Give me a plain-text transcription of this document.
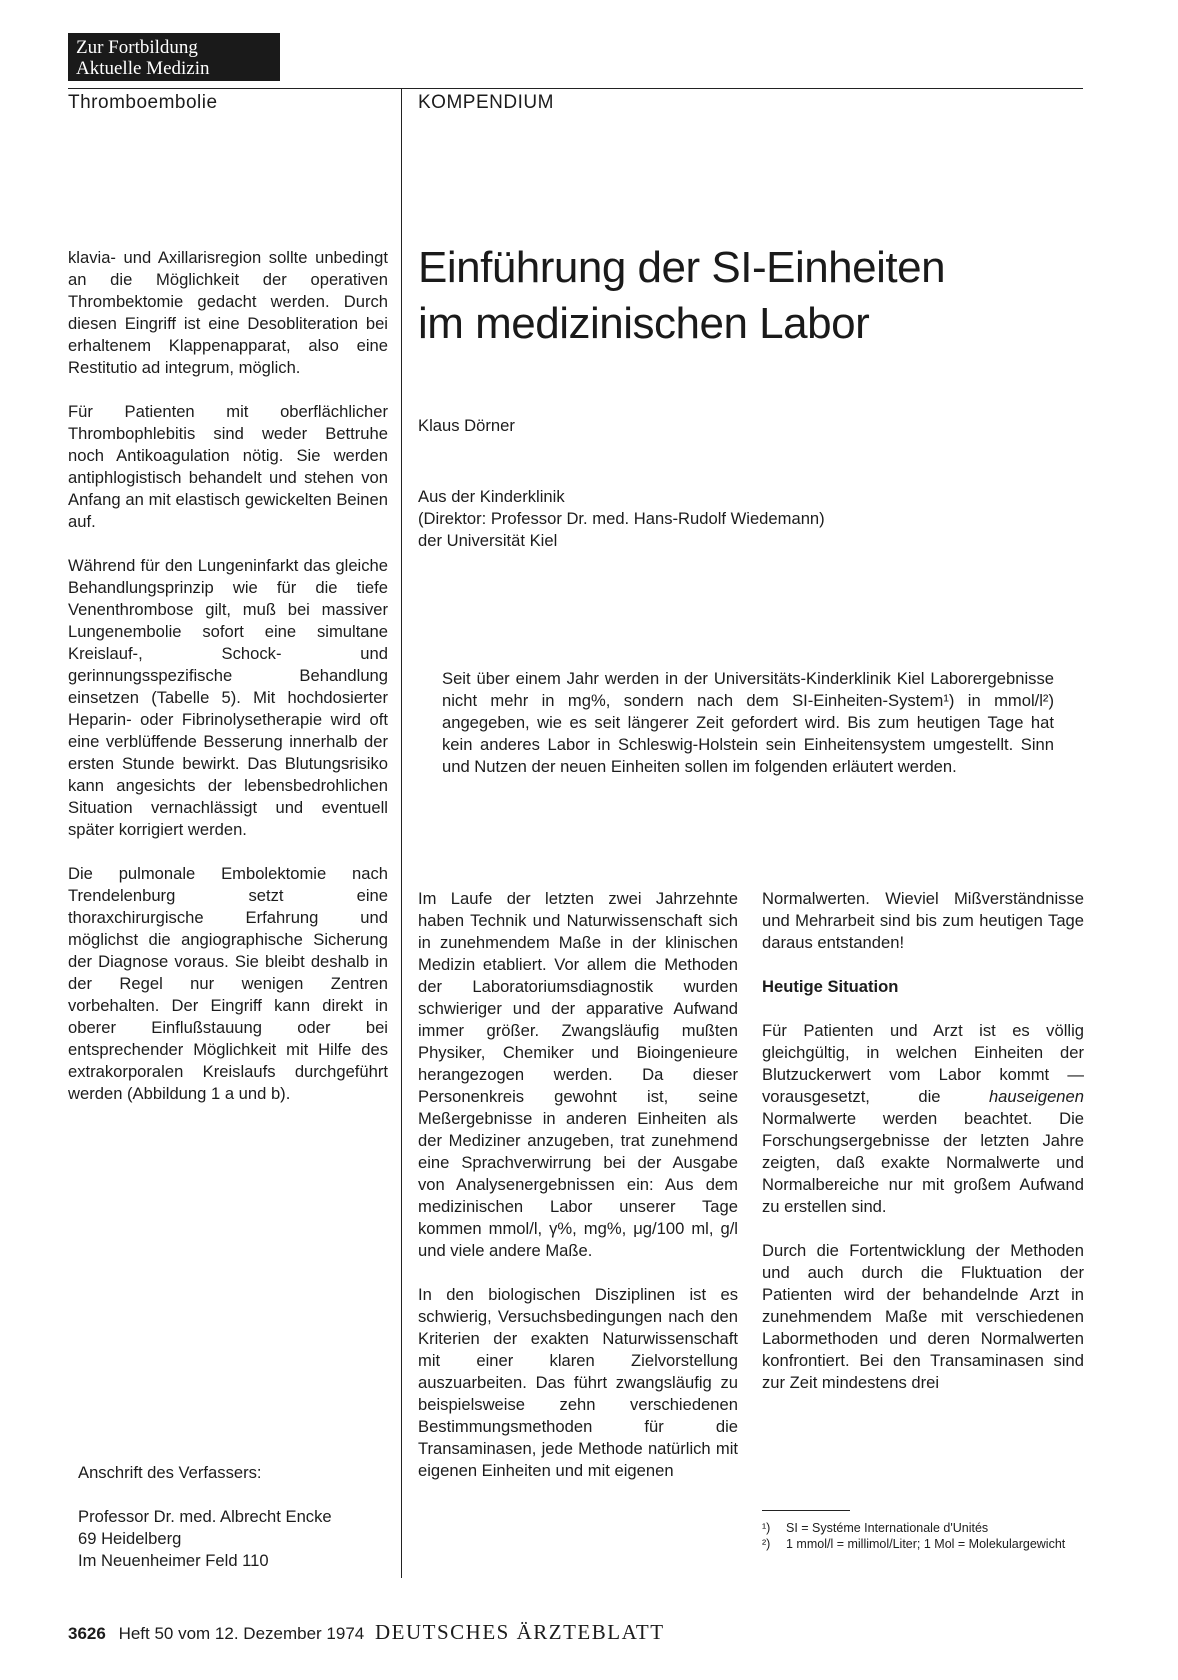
Zur Fortbildung
Aktuelle Medizin
Thromboembolie	KOMPENDIUM

klavia- und Axillarisregion sollte unbedingt an die Möglichkeit der operativen Thrombektomie gedacht werden. Durch diesen Eingriff ist eine Desobliteration bei erhaltenem Klappenapparat, also eine Restitutio ad integrum, möglich.

Für Patienten mit oberflächlicher Thrombophlebitis sind weder Bettruhe noch Antikoagulation nötig. Sie werden antiphlogistisch behandelt und stehen von Anfang an mit elastisch gewickelten Beinen auf.

Während für den Lungeninfarkt das gleiche Behandlungsprinzip wie für die tiefe Venenthrombose gilt, muß bei massiver Lungenembolie sofort eine simultane Kreislauf-, Schock- und gerinnungsspezifische Behandlung einsetzen (Tabelle 5). Mit hochdosierter Heparin- oder Fibrinolysetherapie wird oft eine verblüffende Besserung innerhalb der ersten Stunde bewirkt. Das Blutungsrisiko kann angesichts der lebensbedrohlichen Situation vernachlässigt und eventuell später korrigiert werden.

Die pulmonale Embolektomie nach Trendelenburg setzt eine thoraxchirurgische Erfahrung und möglichst die angiographische Sicherung der Diagnose voraus. Sie bleibt deshalb in der Regel nur wenigen Zentren vorbehalten. Der Eingriff kann direkt in oberer Einflußstauung oder bei entsprechender Möglichkeit mit Hilfe des extrakorporalen Kreislaufs durchgeführt werden (Abbildung 1 a und b).

Anschrift des Verfassers:
Professor Dr. med. Albrecht Encke
69 Heidelberg
Im Neuenheimer Feld 110
Einführung der SI-Einheiten
im medizinischen Labor
Klaus Dörner
Aus der Kinderklinik
(Direktor: Professor Dr. med. Hans-Rudolf Wiedemann)
der Universität Kiel

Seit über einem Jahr werden in der Universitäts-Kinderklinik Kiel Laborergebnisse nicht mehr in mg%, sondern nach dem SI-Einheiten-System¹) in mmol/l²) angegeben, wie es seit längerer Zeit gefordert wird. Bis zum heutigen Tage hat kein anderes Labor in Schleswig-Holstein sein Einheitensystem umgestellt. Sinn und Nutzen der neuen Einheiten sollen im folgenden erläutert werden.

Im Laufe der letzten zwei Jahrzehnte haben Technik und Naturwissenschaft sich in zunehmendem Maße in der klinischen Medizin etabliert. Vor allem die Methoden der Laboratoriumsdiagnostik wurden schwieriger und der apparative Aufwand immer größer. Zwangsläufig mußten Physiker, Chemiker und Bioingenieure herangezogen werden. Da dieser Personenkreis gewohnt ist, seine Meßergebnisse in anderen Einheiten als der Mediziner anzugeben, trat zunehmend eine Sprachverwirrung bei der Ausgabe von Analysenergebnissen ein: Aus dem medizinischen Labor unserer Tage kommen mmol/l, γ%, mg%, μg/100 ml, g/l und viele andere Maße.

In den biologischen Disziplinen ist es schwierig, Versuchsbedingungen nach den Kriterien der exakten Naturwissenschaft mit einer klaren Zielvorstellung auszuarbeiten. Das führt zwangsläufig zu beispielsweise zehn verschiedenen Bestimmungsmethoden für die Transaminasen, jede Methode natürlich mit eigenen Einheiten und mit eigenen

Normalwerten. Wieviel Mißverständnisse und Mehrarbeit sind bis zum heutigen Tage daraus entstanden!

Heutige Situation

Für Patienten und Arzt ist es völlig gleichgültig, in welchen Einheiten der Blutzuckerwert vom Labor kommt — vorausgesetzt, die hauseigenen Normalwerte werden beachtet. Die Forschungsergebnisse der letzten Jahre zeigten, daß exakte Normalwerte und Normalbereiche nur mit großem Aufwand zu erstellen sind.

Durch die Fortentwicklung der Methoden und auch durch die Fluktuation der Patienten wird der behandelnde Arzt in zunehmendem Maße mit verschiedenen Labormethoden und deren Normalwerten konfrontiert. Bei den Transaminasen sind zur Zeit mindestens drei

¹)	SI = Systéme Internationale d'Unités
²)	1 mmol/l = millimol/Liter; 1 Mol = Molekulargewicht
3626 Heft 50 vom 12. Dezember 1974 DEUTSCHES ÄRZTEBLATT
